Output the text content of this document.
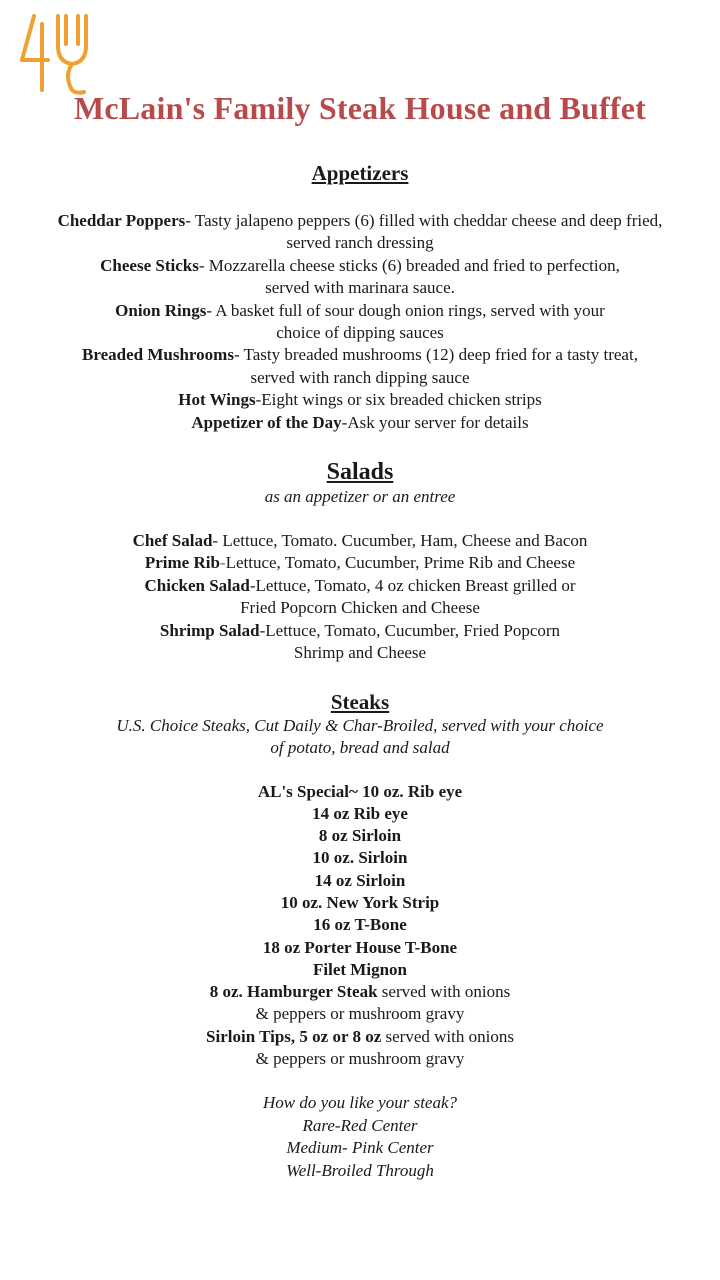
McLain's Family Steak House and Buffet
Appetizers
Cheddar Poppers- Tasty jalapeno peppers (6) filled with cheddar cheese and deep fried,
served ranch dressing
Cheese Sticks- Mozzarella cheese sticks (6) breaded and fried to perfection,
served with marinara sauce.
Onion Rings- A basket full of sour dough onion rings, served with your
choice of dipping sauces
Breaded Mushrooms- Tasty breaded mushrooms (12) deep fried for a tasty treat,
served with ranch dipping sauce
Hot Wings-Eight wings or six breaded chicken strips
Appetizer of the Day-Ask your server for details
Salads
as an appetizer or an entree
Chef Salad- Lettuce, Tomato. Cucumber, Ham, Cheese and Bacon
Prime Rib-Lettuce, Tomato, Cucumber, Prime Rib and Cheese
Chicken Salad-Lettuce, Tomato, 4 oz chicken Breast grilled or
Fried Popcorn Chicken and Cheese
Shrimp Salad-Lettuce, Tomato, Cucumber, Fried Popcorn
Shrimp and Cheese
Steaks
U.S. Choice Steaks, Cut Daily & Char-Broiled, served with your choice
of potato, bread and salad
AL's Special~ 10 oz. Rib eye
14 oz Rib eye
8 oz Sirloin
10 oz. Sirloin
14 oz Sirloin
10 oz. New York Strip
16 oz T-Bone
18 oz Porter House T-Bone
Filet Mignon
8 oz. Hamburger Steak served with onions
& peppers or mushroom gravy
Sirloin Tips, 5 oz or 8 oz served with onions
& peppers or mushroom gravy
How do you like your steak?
Rare-Red Center
Medium- Pink Center
Well-Broiled Through
